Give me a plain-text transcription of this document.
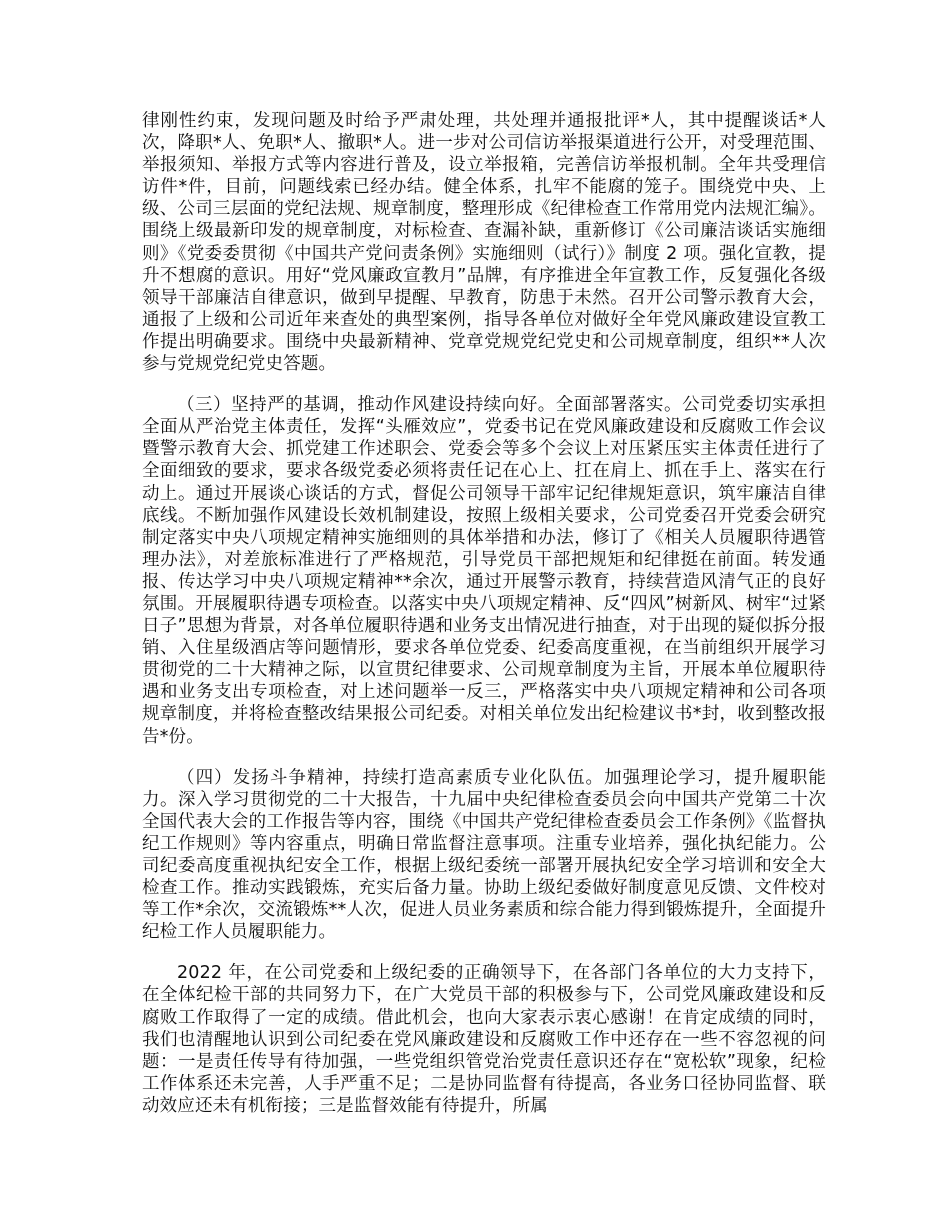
律刚性约束，发现问题及时给予严肃处理，共处理并通报批评*人，其中提醒谈话*人次，降职*人、免职*人、撤职*人。进一步对公司信访举报渠道进行公开，对受理范围、举报须知、举报方式等内容进行普及，设立举报箱，完善信访举报机制。全年共受理信访件*件，目前，问题线索已经办结。健全体系，扎牢不能腐的笼子。围绕党中央、上级、公司三层面的党纪法规、规章制度，整理形成《纪律检查工作常用党内法规汇编》。围绕上级最新印发的规章制度，对标检查、查漏补缺，重新修订《公司廉洁谈话实施细则》《党委委贯彻《中国共产党问责条例》实施细则（试行）》制度 2 项。强化宣教，提升不想腐的意识。用好“党风廉政宣教月”品牌，有序推进全年宣教工作，反复强化各级领导干部廉洁自律意识，做到早提醒、早教育，防患于未然。召开公司警示教育大会，通报了上级和公司近年来查处的典型案例，指导各单位对做好全年党风廉政建设宣教工作提出明确要求。围绕中央最新精神、党章党规党纪党史和公司规章制度，组织**人次参与党规党纪党史答题。

（三）坚持严的基调，推动作风建设持续向好。全面部署落实。公司党委切实承担全面从严治党主体责任，发挥“头雁效应”，党委书记在党风廉政建设和反腐败工作会议暨警示教育大会、抓党建工作述职会、党委会等多个会议上对压紧压实主体责任进行了全面细致的要求，要求各级党委必须将责任记在心上、扛在肩上、抓在手上、落实在行动上。通过开展谈心谈话的方式，督促公司领导干部牢记纪律规矩意识，筑牢廉洁自律底线。不断加强作风建设长效机制建设，按照上级相关要求，公司党委召开党委会研究制定落实中央八项规定精神实施细则的具体举措和办法，修订了《相关人员履职待遇管理办法》，对差旅标准进行了严格规范，引导党员干部把规矩和纪律挺在前面。转发通报、传达学习中央八项规定精神**余次，通过开展警示教育，持续营造风清气正的良好氛围。开展履职待遇专项检查。以落实中央八项规定精神、反“四风”树新风、树牢“过紧日子”思想为背景，对各单位履职待遇和业务支出情况进行抽查，对于出现的疑似拆分报销、入住星级酒店等问题情形，要求各单位党委、纪委高度重视，在当前组织开展学习贯彻党的二十大精神之际，以宣贯纪律要求、公司规章制度为主旨，开展本单位履职待遇和业务支出专项检查，对上述问题举一反三，严格落实中央八项规定精神和公司各项规章制度，并将检查整改结果报公司纪委。对相关单位发出纪检建议书*封，收到整改报告*份。

（四）发扬斗争精神，持续打造高素质专业化队伍。加强理论学习，提升履职能力。深入学习贯彻党的二十大报告，十九届中央纪律检查委员会向中国共产党第二十次全国代表大会的工作报告等内容，围绕《中国共产党纪律检查委员会工作条例》《监督执纪工作规则》等内容重点，明确日常监督注意事项。注重专业培养，强化执纪能力。公司纪委高度重视执纪安全工作，根据上级纪委统一部署开展执纪安全学习培训和安全大检查工作。推动实践锻炼，充实后备力量。协助上级纪委做好制度意见反馈、文件校对等工作*余次，交流锻炼**人次，促进人员业务素质和综合能力得到锻炼提升，全面提升纪检工作人员履职能力。

2022 年，在公司党委和上级纪委的正确领导下，在各部门各单位的大力支持下，在全体纪检干部的共同努力下，在广大党员干部的积极参与下，公司党风廉政建设和反腐败工作取得了一定的成绩。借此机会，也向大家表示衷心感谢！在肯定成绩的同时，我们也清醒地认识到公司纪委在党风廉政建设和反腐败工作中还存在一些不容忽视的问题：一是责任传导有待加强，一些党组织管党治党责任意识还存在“宽松软”现象，纪检工作体系还未完善，人手严重不足；二是协同监督有待提高，各业务口径协同监督、联动效应还未有机衔接；三是监督效能有待提升，所属
